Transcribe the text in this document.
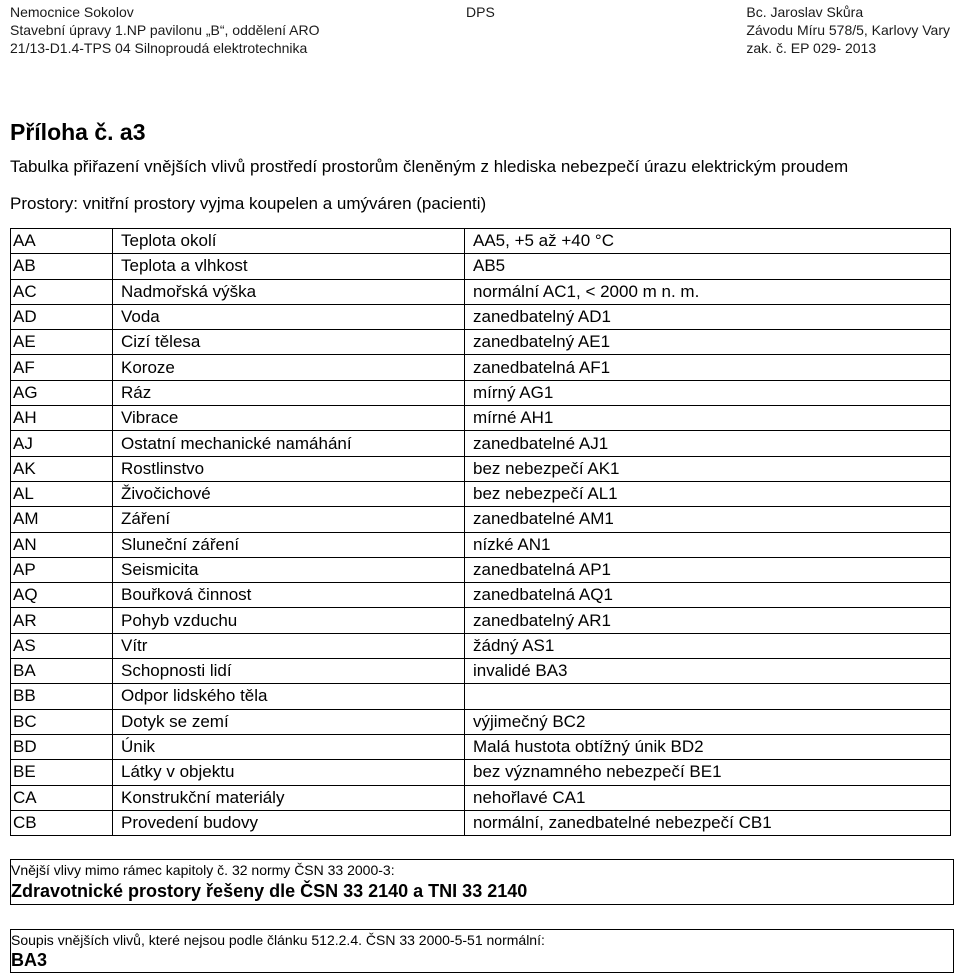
Nemocnice Sokolov
Stavební úpravy 1.NP pavilonu „B“, oddělení ARO
21/13-D1.4-TPS 04 Silnoproudá elektrotechnika
DPS	Bc. Jaroslav Skůra
Závodu Míru 578/5, Karlovy Vary
zak. č. EP 029- 2013
Příloha č. a3
Tabulka přiřazení vnějších vlivů prostředí prostorům členěným z hlediska nebezpečí úrazu elektrickým proudem
Prostory: vnitřní prostory vyjma koupelen a umýváren (pacienti)
AA	Teplota okolí	AA5, +5 až +40 °C
AB	Teplota a vlhkost	AB5
AC	Nadmořská výška	normální AC1, < 2000 m n. m.
AD	Voda	zanedbatelný AD1
AE	Cizí tělesa	zanedbatelný AE1
AF	Koroze	zanedbatelná AF1
AG	Ráz	mírný AG1
AH	Vibrace	mírné AH1
AJ	Ostatní mechanické namáhání	zanedbatelné AJ1
AK	Rostlinstvo	bez nebezpečí AK1
AL	Živočichové	bez nebezpečí AL1
AM	Záření	zanedbatelné AM1
AN	Sluneční záření	nízké AN1
AP	Seismicita	zanedbatelná AP1
AQ	Bouřková činnost	zanedbatelná AQ1
AR	Pohyb vzduchu	zanedbatelný AR1
AS	Vítr	žádný AS1
BA	Schopnosti lidí	invalidé BA3
BB	Odpor lidského těla	
BC	Dotyk se zemí	výjimečný BC2
BD	Únik	Malá hustota obtížný únik BD2
BE	Látky v objektu	bez významného nebezpečí BE1
CA	Konstrukční materiály	nehořlavé CA1
CB	Provedení budovy	normální, zanedbatelné nebezpečí CB1
Vnější vlivy mimo rámec kapitoly č. 32 normy ČSN 33 2000-3:
Zdravotnické prostory řešeny dle ČSN 33 2140 a TNI 33 2140
Soupis vnějších vlivů, které nejsou podle článku 512.2.4. ČSN 33 2000-5-51 normální:
BA3
